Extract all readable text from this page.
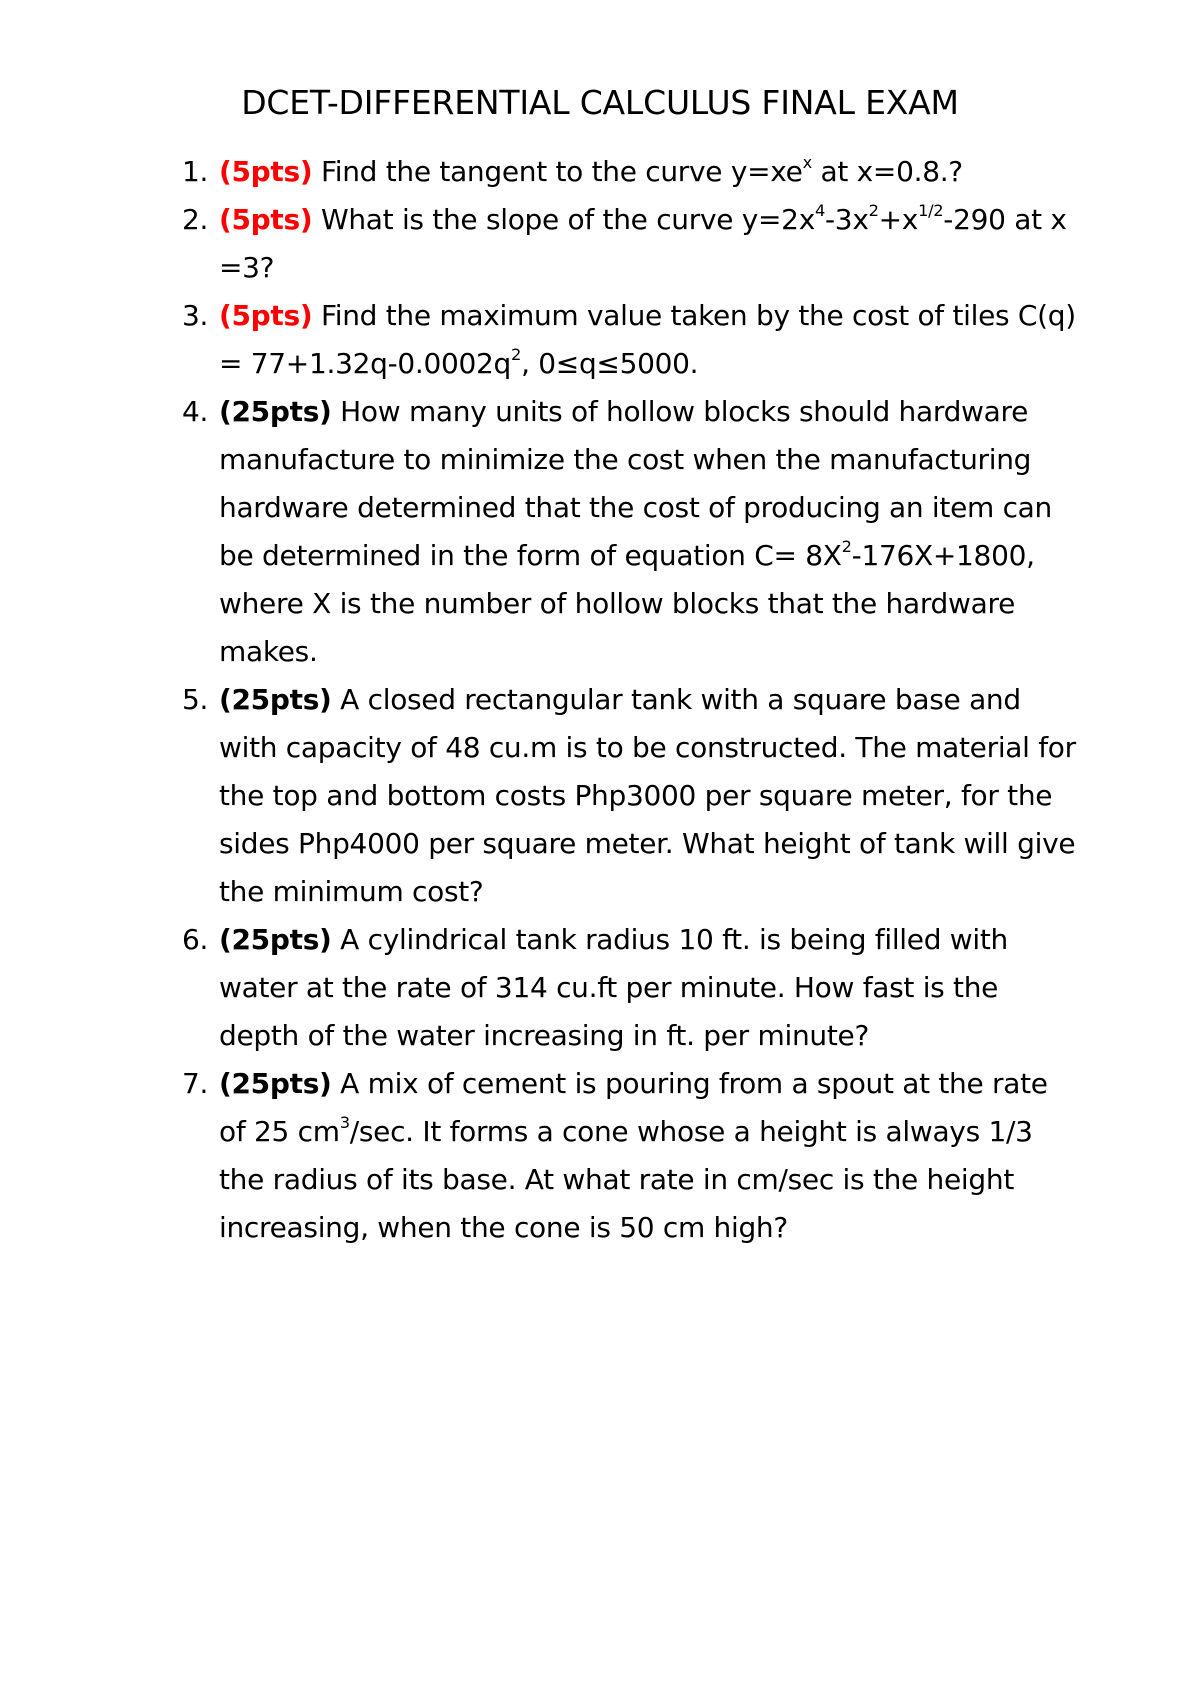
DCET-DIFFERENTIAL CALCULUS FINAL EXAM
1. (5pts) Find the tangent to the curve $y=xe^x$ at x=0.8.?
2. (5pts) What is the slope of the curve $y=2x^4-3x^2+x^{1/2}-290$ at x =3?
3. (5pts) Find the maximum value taken by the cost of tiles $C(q) = 77+1.32q-0.0002q^2$, 0≤q≤5000.
4. (25pts) How many units of hollow blocks should hardware manufacture to minimize the cost when the manufacturing hardware determined that the cost of producing an item can be determined in the form of equation $C= 8X^2-176X+1800$, where X is the number of hollow blocks that the hardware makes.
5. (25pts) A closed rectangular tank with a square base and with capacity of 48 cu.m is to be constructed. The material for the top and bottom costs Php3000 per square meter, for the sides Php4000 per square meter. What height of tank will give the minimum cost?
6. (25pts) A cylindrical tank radius 10 ft. is being filled with water at the rate of 314 cu.ft per minute. How fast is the depth of the water increasing in ft. per minute?
7. (25pts) A mix of cement is pouring from a spout at the rate of 25 $cm^3/\sec$. It forms a cone whose a height is always 1/3 the radius of its base. At what rate in cm/sec is the height increasing, when the cone is 50 cm high?
